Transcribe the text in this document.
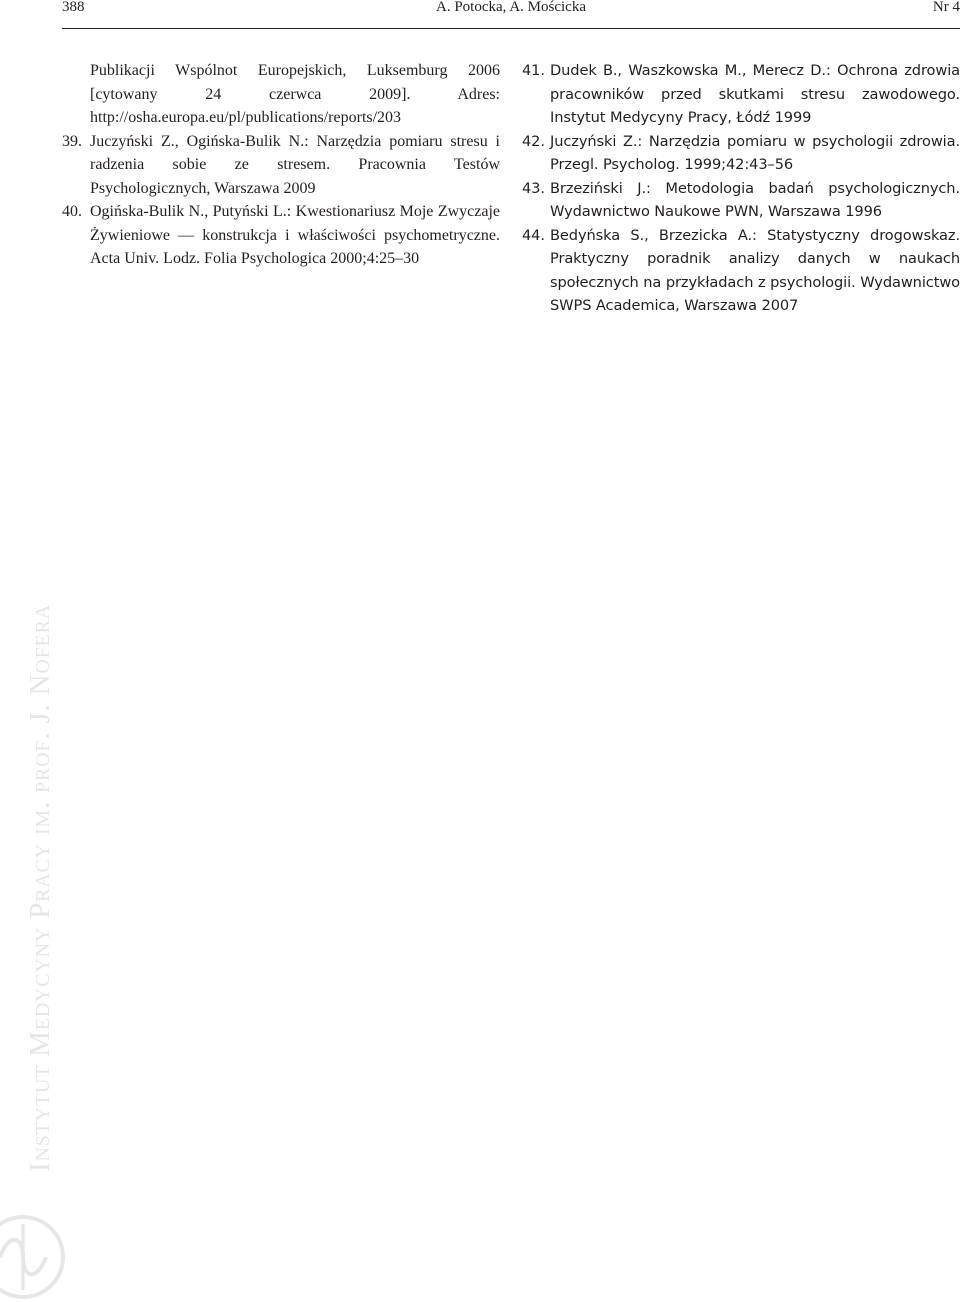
388	A. Potocka, A. Mościcka	Nr 4
Publikacji Wspólnot Europejskich, Luksemburg 2006 [cytowany 24 czerwca 2009]. Adres: http://osha.europa.eu/pl/publications/reports/203
39. Juczyński Z., Ogińska-Bulik N.: Narzędzia pomiaru stresu i radzenia sobie ze stresem. Pracownia Testów Psychologicznych, Warszawa 2009
40. Ogińska-Bulik N., Putyński L.: Kwestionariusz Moje Zwyczaje Żywieniowe — konstrukcja i właściwości psychometryczne. Acta Univ. Lodz. Folia Psychologica 2000;4:25–30
41. Dudek B., Waszkowska M., Merecz D.: Ochrona zdrowia pracowników przed skutkami stresu zawodowego. Instytut Medycyny Pracy, Łódź 1999
42. Juczyński Z.: Narzędzia pomiaru w psychologii zdrowia. Przegl. Psycholog. 1999;42:43–56
43. Brzeziński J.: Metodologia badań psychologicznych. Wydawnictwo Naukowe PWN, Warszawa 1996
44. Bedyńska S., Brzezicka A.: Statystyczny drogowskaz. Praktyczny poradnik analizy danych w naukach społecznych na przykładach z psychologii. Wydawnictwo SWPS Academica, Warszawa 2007
Instytut Medycyny Pracy im. prof. J. Nofera
